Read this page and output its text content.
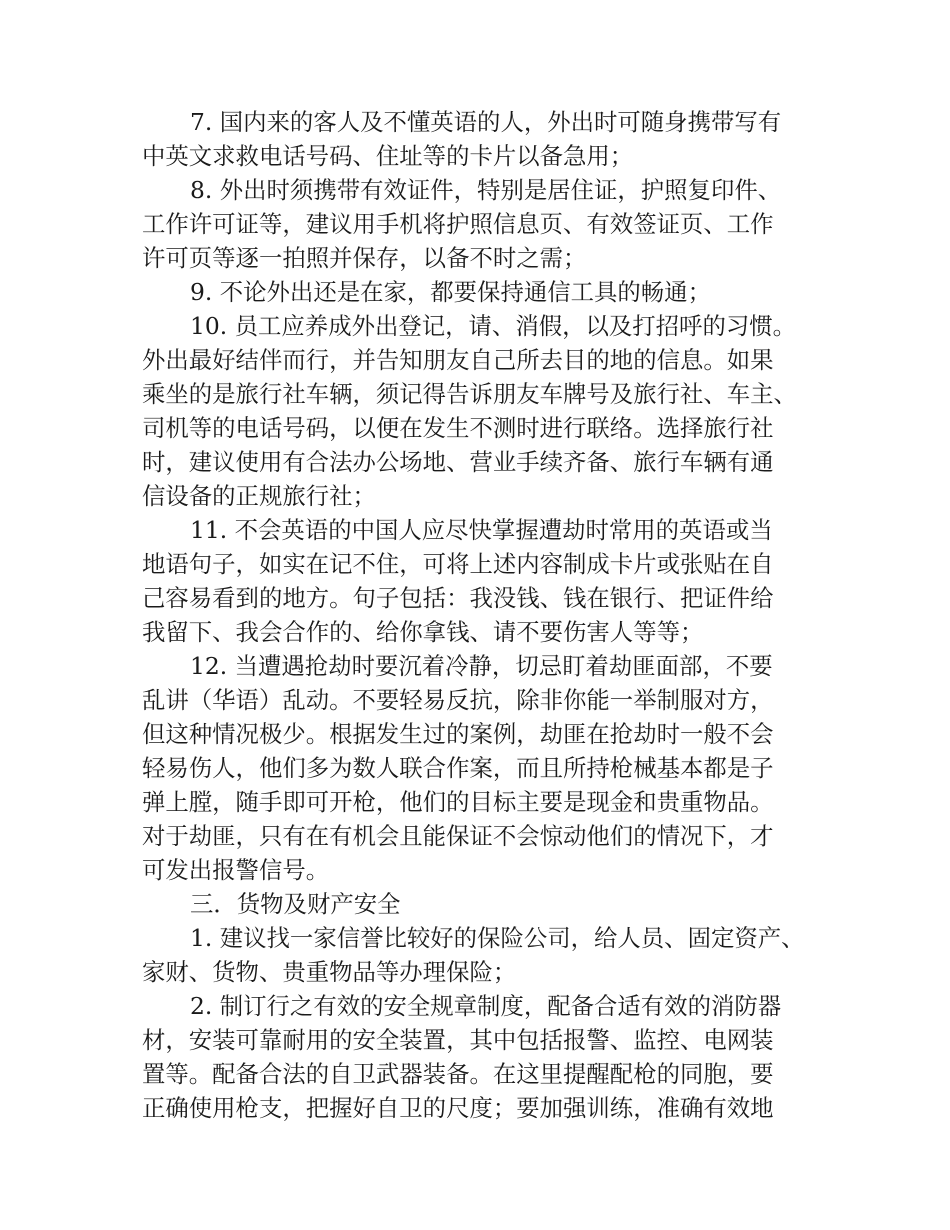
7. 国内来的客人及不懂英语的人，外出时可随身携带写有
中英文求救电话号码、住址等的卡片以备急用；
8. 外出时须携带有效证件，特别是居住证，护照复印件、
工作许可证等，建议用手机将护照信息页、有效签证页、工作
许可页等逐一拍照并保存，以备不时之需；
9. 不论外出还是在家，都要保持通信工具的畅通；
10. 员工应养成外出登记，请、消假，以及打招呼的习惯。
外出最好结伴而行，并告知朋友自己所去目的地的信息。如果
乘坐的是旅行社车辆，须记得告诉朋友车牌号及旅行社、车主、
司机等的电话号码，以便在发生不测时进行联络。选择旅行社
时，建议使用有合法办公场地、营业手续齐备、旅行车辆有通
信设备的正规旅行社；
11. 不会英语的中国人应尽快掌握遭劫时常用的英语或当
地语句子，如实在记不住，可将上述内容制成卡片或张贴在自
己容易看到的地方。句子包括：我没钱、钱在银行、把证件给
我留下、我会合作的、给你拿钱、请不要伤害人等等；
12. 当遭遇抢劫时要沉着冷静，切忌盯着劫匪面部，不要
乱讲（华语）乱动。不要轻易反抗，除非你能一举制服对方，
但这种情况极少。根据发生过的案例，劫匪在抢劫时一般不会
轻易伤人，他们多为数人联合作案，而且所持枪械基本都是子
弹上膛，随手即可开枪，他们的目标主要是现金和贵重物品。
对于劫匪，只有在有机会且能保证不会惊动他们的情况下，才
可发出报警信号。
三．货物及财产安全
1. 建议找一家信誉比较好的保险公司，给人员、固定资产、
家财、货物、贵重物品等办理保险；
2. 制订行之有效的安全规章制度，配备合适有效的消防器
材，安装可靠耐用的安全装置，其中包括报警、监控、电网装
置等。配备合法的自卫武器装备。在这里提醒配枪的同胞，要
正确使用枪支，把握好自卫的尺度；要加强训练，准确有效地
